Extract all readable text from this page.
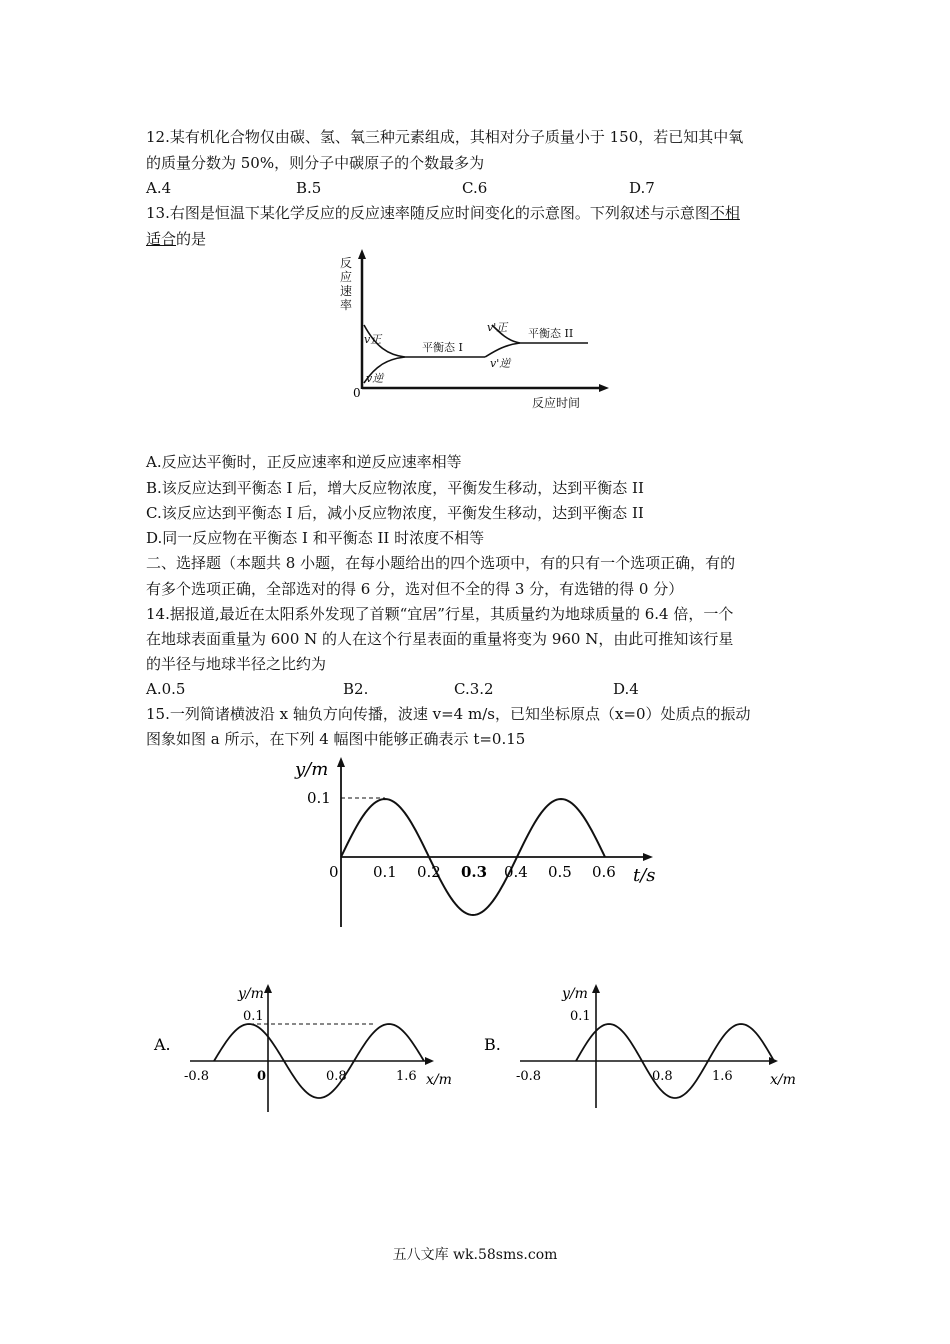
12.某有机化合物仅由碳、氢、氧三种元素组成，其相对分子质量小于 150，若已知其中氧
的质量分数为 50%，则分子中碳原子的个数最多为
A.4	B.5	C.6	D.7
13.右图是恒温下某化学反应的反应速率随反应时间变化的示意图。下列叙述与示意图不相
适合的是
反
应
速
率
0
v正
v逆
v'正
v'逆
平衡态 I
平衡态 II
反应时间
A.反应达平衡时，正反应速率和逆反应速率相等
B.该反应达到平衡态 I 后，增大反应物浓度，平衡发生移动，达到平衡态 II
C.该反应达到平衡态 I 后，减小反应物浓度，平衡发生移动，达到平衡态 II
D.同一反应物在平衡态 I 和平衡态 II 时浓度不相等
二、选择题（本题共 8 小题，在每小题给出的四个选项中，有的只有一个选项正确，有的
有多个选项正确，全部选对的得 6 分，选对但不全的得 3 分，有选错的得 0 分）
14.据报道,最近在太阳系外发现了首颗“宜居”行星，其质量约为地球质量的 6.4 倍，一个
在地球表面重量为 600 N 的人在这个行星表面的重量将变为 960 N，由此可推知该行星
的半径与地球半径之比约为
A.0.5	B2.	C.3.2	D.4
15.一列简诸横波沿 x 轴负方向传播，波速 v=4 m/s，已知坐标原点（x=0）处质点的振动
图象如图 a 所示，在下列 4 幅图中能够正确表示 t=0.15
y/m
0.1
0 0.1 0.2 0.3 0.4 0.5 0.6 t/s
A.
y/m
0.1
-0.8	0	0.8	1.6 x/m
B.
y/m
0.1
-0.8	0.8	1.6	x/m
五八文库 wk.58sms.com
